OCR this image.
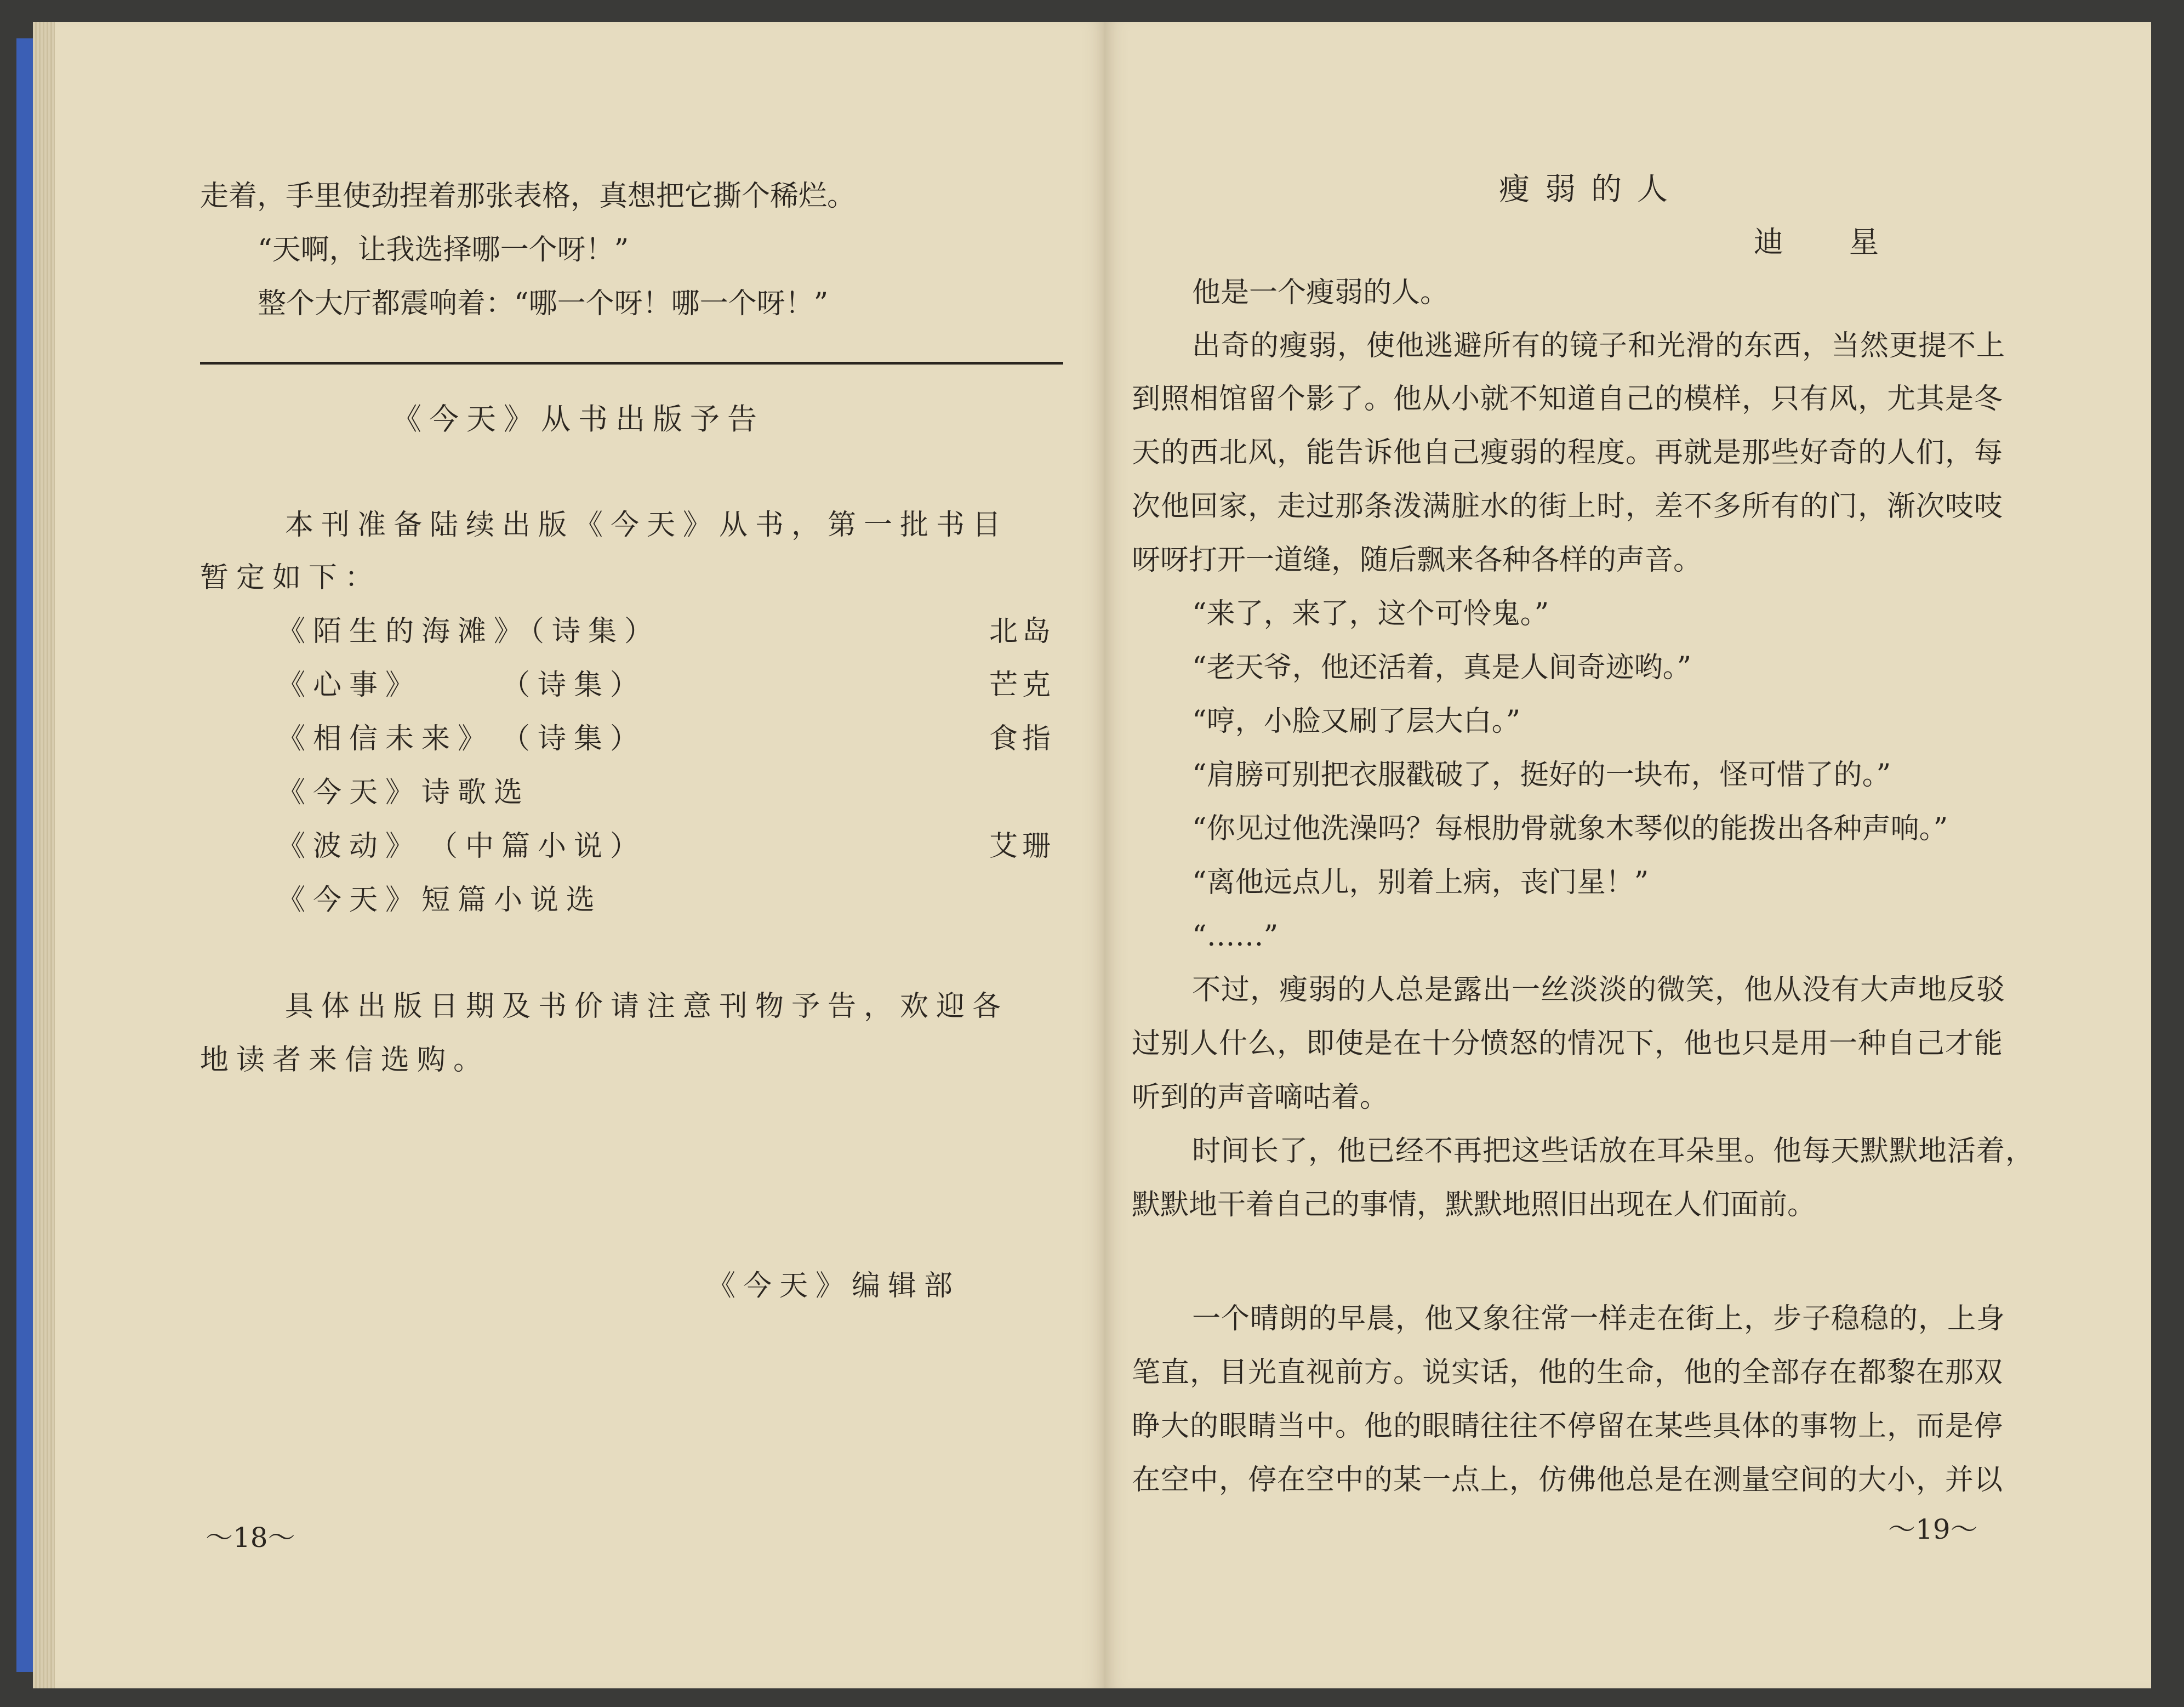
走着，手里使劲捏着那张表格，真想把它撕个稀烂。
“天啊，让我选择哪一个呀！”
整个大厅都震响着：“哪一个呀！哪一个呀！”
《今天》从书出版予告
本刊准备陆续出版《今天》从书，第一批书目
暂定如下：
《陌生的海滩》（诗集）	北岛
《心事》　　　（诗集）	芒克
《相信未来》　（诗集）	食指
《今天》诗歌选
《波动》　（中篇小说）	艾珊
《今天》短篇小说选
具体出版日期及书价请注意刊物予告，欢迎各
地读者来信选购。
《今天》编辑部
～18～
瘦弱的人
迪星
他是一个瘦弱的人。
出奇的瘦弱，使他逃避所有的镜子和光滑的东西，当然更提不上
到照相馆留个影了。他从小就不知道自己的模样，只有风，尤其是冬
天的西北风，能告诉他自己瘦弱的程度。再就是那些好奇的人们，每
次他回家，走过那条泼满脏水的街上时，差不多所有的门，渐次吱吱
呀呀打开一道缝，随后飘来各种各样的声音。
“来了，来了，这个可怜鬼。”
“老天爷，他还活着，真是人间奇迹哟。”
“哼，小脸又刷了层大白。”
“肩膀可别把衣服戳破了，挺好的一块布，怪可惜了的。”
“你见过他洗澡吗？每根肋骨就象木琴似的能拨出各种声响。”
“离他远点儿，别着上病，丧门星！”
“……”
不过，瘦弱的人总是露出一丝淡淡的微笑，他从没有大声地反驳
过别人什么，即使是在十分愤怒的情况下，他也只是用一种自己才能
听到的声音嘀咕着。
时间长了，他已经不再把这些话放在耳朵里。他每天默默地活着，
默默地干着自己的事情，默默地照旧出现在人们面前。
一个晴朗的早晨，他又象往常一样走在街上，步子稳稳的，上身
笔直，目光直视前方。说实话，他的生命，他的全部存在都黎在那双
睁大的眼睛当中。他的眼睛往往不停留在某些具体的事物上，而是停
在空中，停在空中的某一点上，仿佛他总是在测量空间的大小，并以
～19～
